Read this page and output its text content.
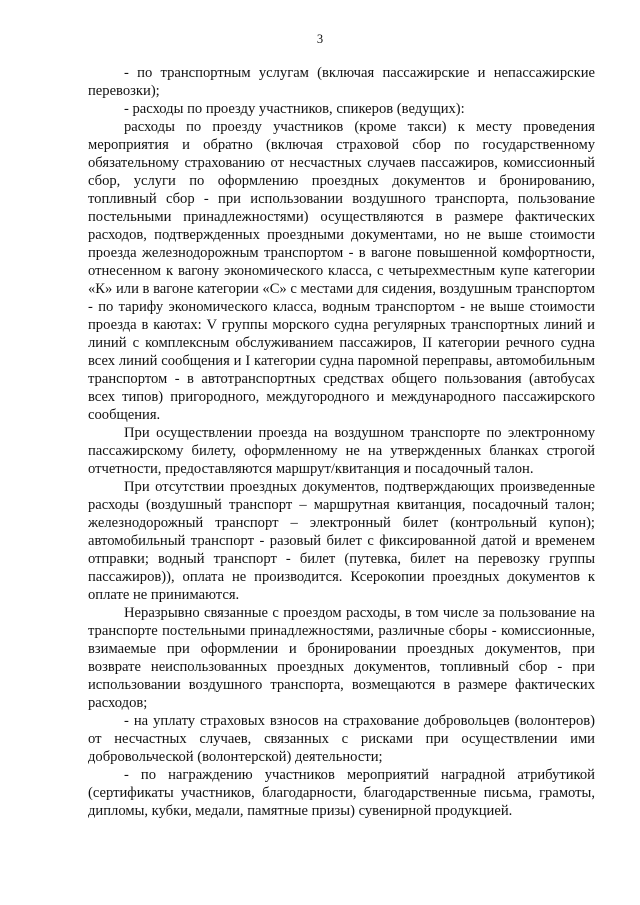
3

- по транспортным услугам (включая пассажирские и непассажирские перевозки);

- расходы по проезду участников, спикеров (ведущих):

расходы по проезду участников (кроме такси) к месту проведения мероприятия и обратно (включая страховой сбор по государственному обязательному страхованию от несчастных случаев пассажиров, комиссионный сбор, услуги по оформлению проездных документов и бронированию, топливный сбор - при использовании воздушного транспорта, пользование постельными принадлежностями) осуществляются в размере фактических расходов, подтвержденных проездными документами, но не выше стоимости проезда железнодорожным транспортом - в вагоне повышенной комфортности, отнесенном к вагону экономического класса, с четырехместным купе категории «К» или в вагоне категории «С» с местами для сидения, воздушным транспортом - по тарифу экономического класса, водным транспортом - не выше стоимости проезда в каютах: V группы морского судна регулярных транспортных линий и линий с комплексным обслуживанием пассажиров, II категории речного судна всех линий сообщения и I категории судна паромной переправы, автомобильным транспортом - в автотранспортных средствах общего пользования (автобусах всех типов) пригородного, междугородного и международного пассажирского сообщения.

При осуществлении проезда на воздушном транспорте по электронному пассажирскому билету, оформленному не на утвержденных бланках строгой отчетности, предоставляются маршрут/квитанция и посадочный талон.

При отсутствии проездных документов, подтверждающих произведенные расходы (воздушный транспорт – маршрутная квитанция, посадочный талон; железнодорожный транспорт – электронный билет (контрольный купон); автомобильный транспорт - разовый билет с фиксированной датой и временем отправки; водный транспорт - билет (путевка, билет на перевозку группы пассажиров)), оплата не производится. Ксерокопии проездных документов к оплате не принимаются.

Неразрывно связанные с проездом расходы, в том числе за пользование на транспорте постельными принадлежностями, различные сборы - комиссионные, взимаемые при оформлении и бронировании проездных документов, при возврате неиспользованных проездных документов, топливный сбор - при использовании воздушного транспорта, возмещаются в размере фактических расходов;

- на уплату страховых взносов на страхование добровольцев (волонтеров) от несчастных случаев, связанных с рисками при осуществлении ими добровольческой (волонтерской) деятельности;

- по награждению участников мероприятий наградной атрибутикой (сертификаты участников, благодарности, благодарственные письма, грамоты, дипломы, кубки, медали, памятные призы) сувенирной продукцией.
